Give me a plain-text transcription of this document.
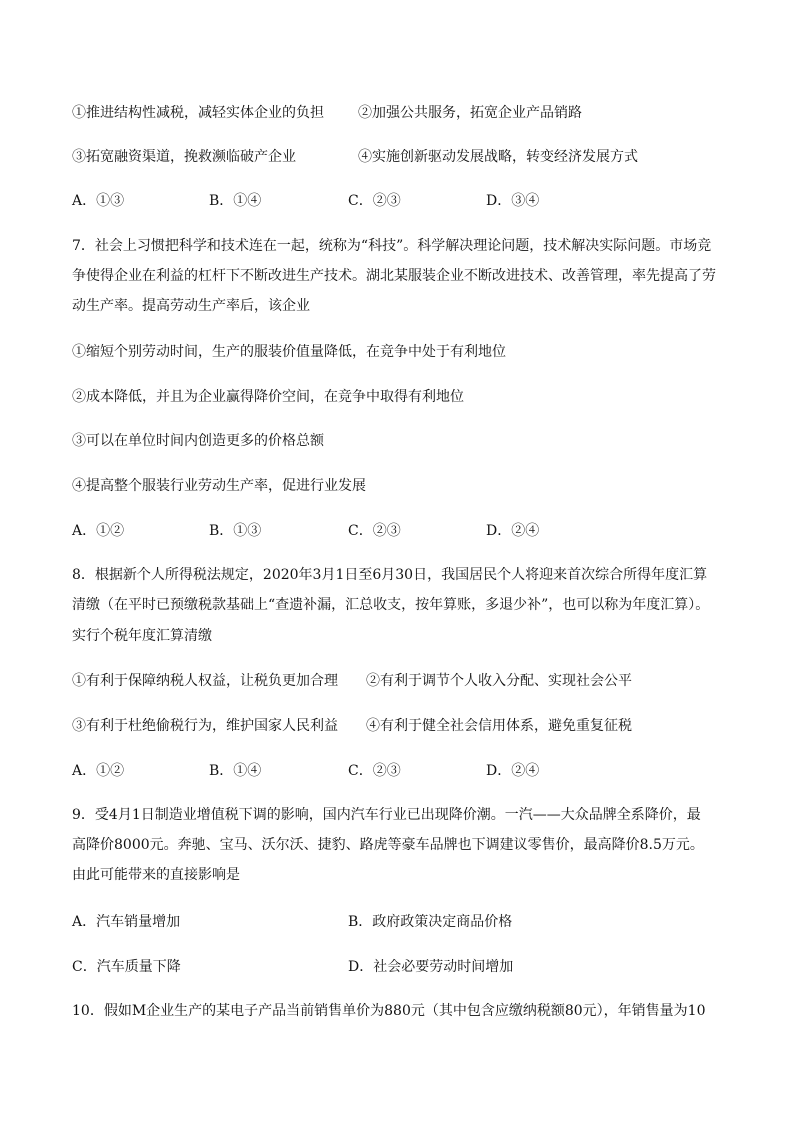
①推进结构性减税，减轻实体企业的负担 ②加强公共服务，拓宽企业产品销路
③拓宽融资渠道，挽救濒临破产企业	④实施创新驱动发展战略，转变经济发展方式
A．①③	B．①④	C．②③	D．③④
7．社会上习惯把科学和技术连在一起，统称为“科技”。科学解决理论问题，技术解决实际问题。市场竞
争使得企业在利益的杠杆下不断改进生产技术。湖北某服装企业不断改进技术、改善管理，率先提高了劳
动生产率。提高劳动生产率后，该企业
①缩短个别劳动时间，生产的服装价值量降低，在竞争中处于有利地位
②成本降低，并且为企业赢得降价空间，在竞争中取得有利地位
③可以在单位时间内创造更多的价格总额
④提高整个服装行业劳动生产率，促进行业发展
A．①②	B．①③	C．②③	D．②④
8．根据新个人所得税法规定，2020年3月1日至6月30日，我国居民个人将迎来首次综合所得年度汇算
清缴（在平时已预缴税款基础上“查遗补漏，汇总收支，按年算账，多退少补”，也可以称为年度汇算）。
实行个税年度汇算清缴
①有利于保障纳税人权益，让税负更加合理 ②有利于调节个人收入分配、实现社会公平
③有利于杜绝偷税行为，维护国家人民利益 ④有利于健全社会信用体系，避免重复征税
A．①②	B．①④	C．②③	D．②④
9．受4月1日制造业增值税下调的影响，国内汽车行业已出现降价潮。一汽——大众品牌全系降价，最
高降价8000元。奔驰、宝马、沃尔沃、捷豹、路虎等豪车品牌也下调建议零售价，最高降价8.5万元。
由此可能带来的直接影响是
A．汽车销量增加	B．政府政策决定商品价格
C．汽车质量下降	D．社会必要劳动时间增加
10．假如M企业生产的某电子产品当前销售单价为880元（其中包含应缴纳税额80元），年销售量为10
